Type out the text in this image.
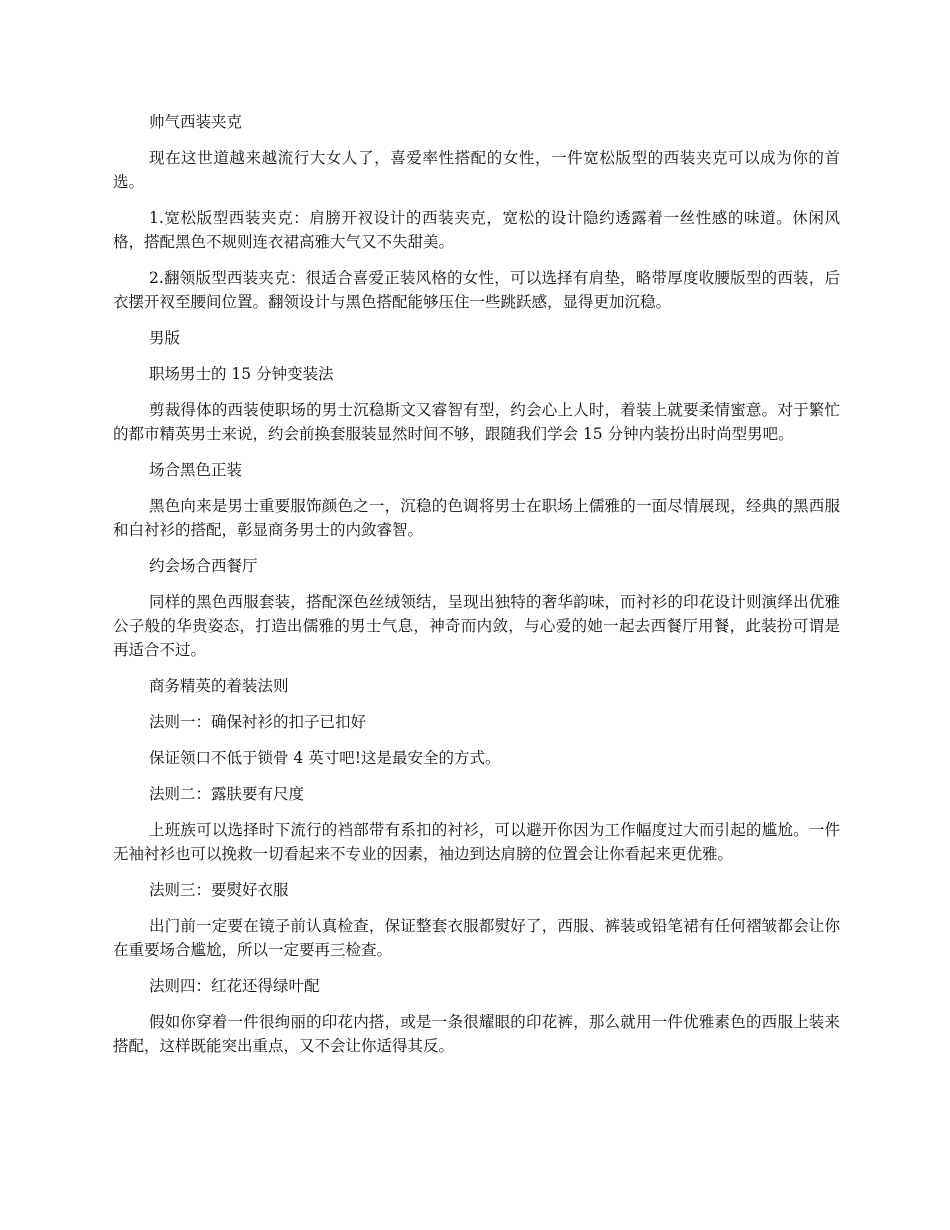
帅气西装夹克

现在这世道越来越流行大女人了，喜爱率性搭配的女性，一件宽松版型的西装夹克可以成为你的首选。

1.宽松版型西装夹克：肩膀开衩设计的西装夹克，宽松的设计隐约透露着一丝性感的味道。休闲风格，搭配黑色不规则连衣裙高雅大气又不失甜美。

2.翻领版型西装夹克：很适合喜爱正装风格的女性，可以选择有肩垫，略带厚度收腰版型的西装，后衣摆开衩至腰间位置。翻领设计与黑色搭配能够压住一些跳跃感，显得更加沉稳。

男版

职场男士的 15 分钟变装法

剪裁得体的西装使职场的男士沉稳斯文又睿智有型，约会心上人时，着装上就要柔情蜜意。对于繁忙的都市精英男士来说，约会前换套服装显然时间不够，跟随我们学会 15 分钟内装扮出时尚型男吧。

场合黑色正装

黑色向来是男士重要服饰颜色之一，沉稳的色调将男士在职场上儒雅的一面尽情展现，经典的黑西服和白衬衫的搭配，彰显商务男士的内敛睿智。

约会场合西餐厅

同样的黑色西服套装，搭配深色丝绒领结，呈现出独特的奢华韵味，而衬衫的印花设计则演绎出优雅公子般的华贵姿态，打造出儒雅的男士气息，神奇而内敛，与心爱的她一起去西餐厅用餐，此装扮可谓是再适合不过。

商务精英的着装法则

法则一：确保衬衫的扣子已扣好

保证领口不低于锁骨 4 英寸吧!这是最安全的方式。

法则二：露肤要有尺度

上班族可以选择时下流行的裆部带有系扣的衬衫，可以避开你因为工作幅度过大而引起的尴尬。一件无袖衬衫也可以挽救一切看起来不专业的因素，袖边到达肩膀的位置会让你看起来更优雅。

法则三：要熨好衣服

出门前一定要在镜子前认真检查，保证整套衣服都熨好了，西服、裤装或铅笔裙有任何褶皱都会让你在重要场合尴尬，所以一定要再三检查。

法则四：红花还得绿叶配

假如你穿着一件很绚丽的印花内搭，或是一条很耀眼的印花裤，那么就用一件优雅素色的西服上装来搭配，这样既能突出重点，又不会让你适得其反。
